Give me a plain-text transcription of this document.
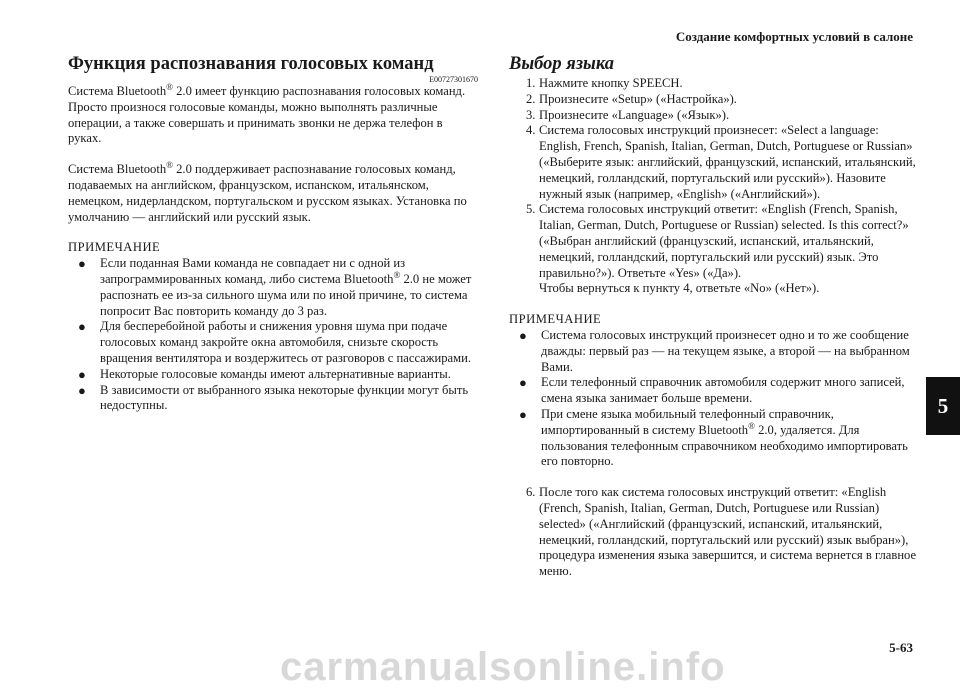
Создание комфортных условий в салоне
5
5-63
carmanualsonline.info
Функция распознавания голосовых команд
E00727301670

Система Bluetooth® 2.0 имеет функцию распознавания голосовых команд.

Просто произнося голосовые команды, можно выполнять различные операции, а также совершать и принимать звонки не держа телефон в руках.

Система Bluetooth® 2.0 поддерживает распознавание голосовых команд, подаваемых на английском, французском, испанском, итальянском, немецком, нидерландском, португальском и русском языках. Установка по умолчанию — английский или русский язык.

ПРИМЕЧАНИЕ
● Если поданная Вами команда не совпадает ни с одной из запрограммированных команд, либо система Bluetooth® 2.0 не может распознать ее из-за сильного шума или по иной причине, то система попросит Вас повторить команду до 3 раз.
● Для бесперебойной работы и снижения уровня шума при подаче голосовых команд закройте окна автомобиля, снизьте скорость вращения вентилятора и воздержитесь от разговоров с пассажирами.
● Некоторые голосовые команды имеют альтернативные варианты.
● В зависимости от выбранного языка некоторые функции могут быть недоступны.
Выбор языка
1. Нажмите кнопку SPEECH.
2. Произнесите «Setup» («Настройка»).
3. Произнесите «Language» («Язык»).
4. Система голосовых инструкций произнесет: «Select a language: English, French, Spanish, Italian, German, Dutch, Portuguese or Russian» («Выберите язык: английский, французский, испанский, итальянский, немецкий, голландский, португальский или русский»). Назовите нужный язык (например, «English» («Английский»).
5. Система голосовых инструкций ответит: «English (French, Spanish, Italian, German, Dutch, Portuguese or Russian) selected. Is this correct?» («Выбран английский (французский, испанский, итальянский, немецкий, голландский, португальский или русский) язык. Это правильно?»). Ответьте «Yes» («Да»).
Чтобы вернуться к пункту 4, ответьте «No» («Нет»).
ПРИМЕЧАНИЕ
● Система голосовых инструкций произнесет одно и то же сообщение дважды: первый раз — на текущем языке, а второй — на выбранном Вами.
● Если телефонный справочник автомобиля содержит много записей, смена языка занимает больше времени.
● При смене языка мобильный телефонный справочник, импортированный в систему Bluetooth® 2.0, удаляется. Для пользования телефонным справочником необходимо импортировать его повторно.
6. После того как система голосовых инструкций ответит: «English (French, Spanish, Italian, German, Dutch, Portuguese или Russian) selected» («Английский (французский, испанский, итальянский, немецкий, голландский, португальский или русский) язык выбран»), процедура изменения языка завершится, и система вернется в главное меню.
